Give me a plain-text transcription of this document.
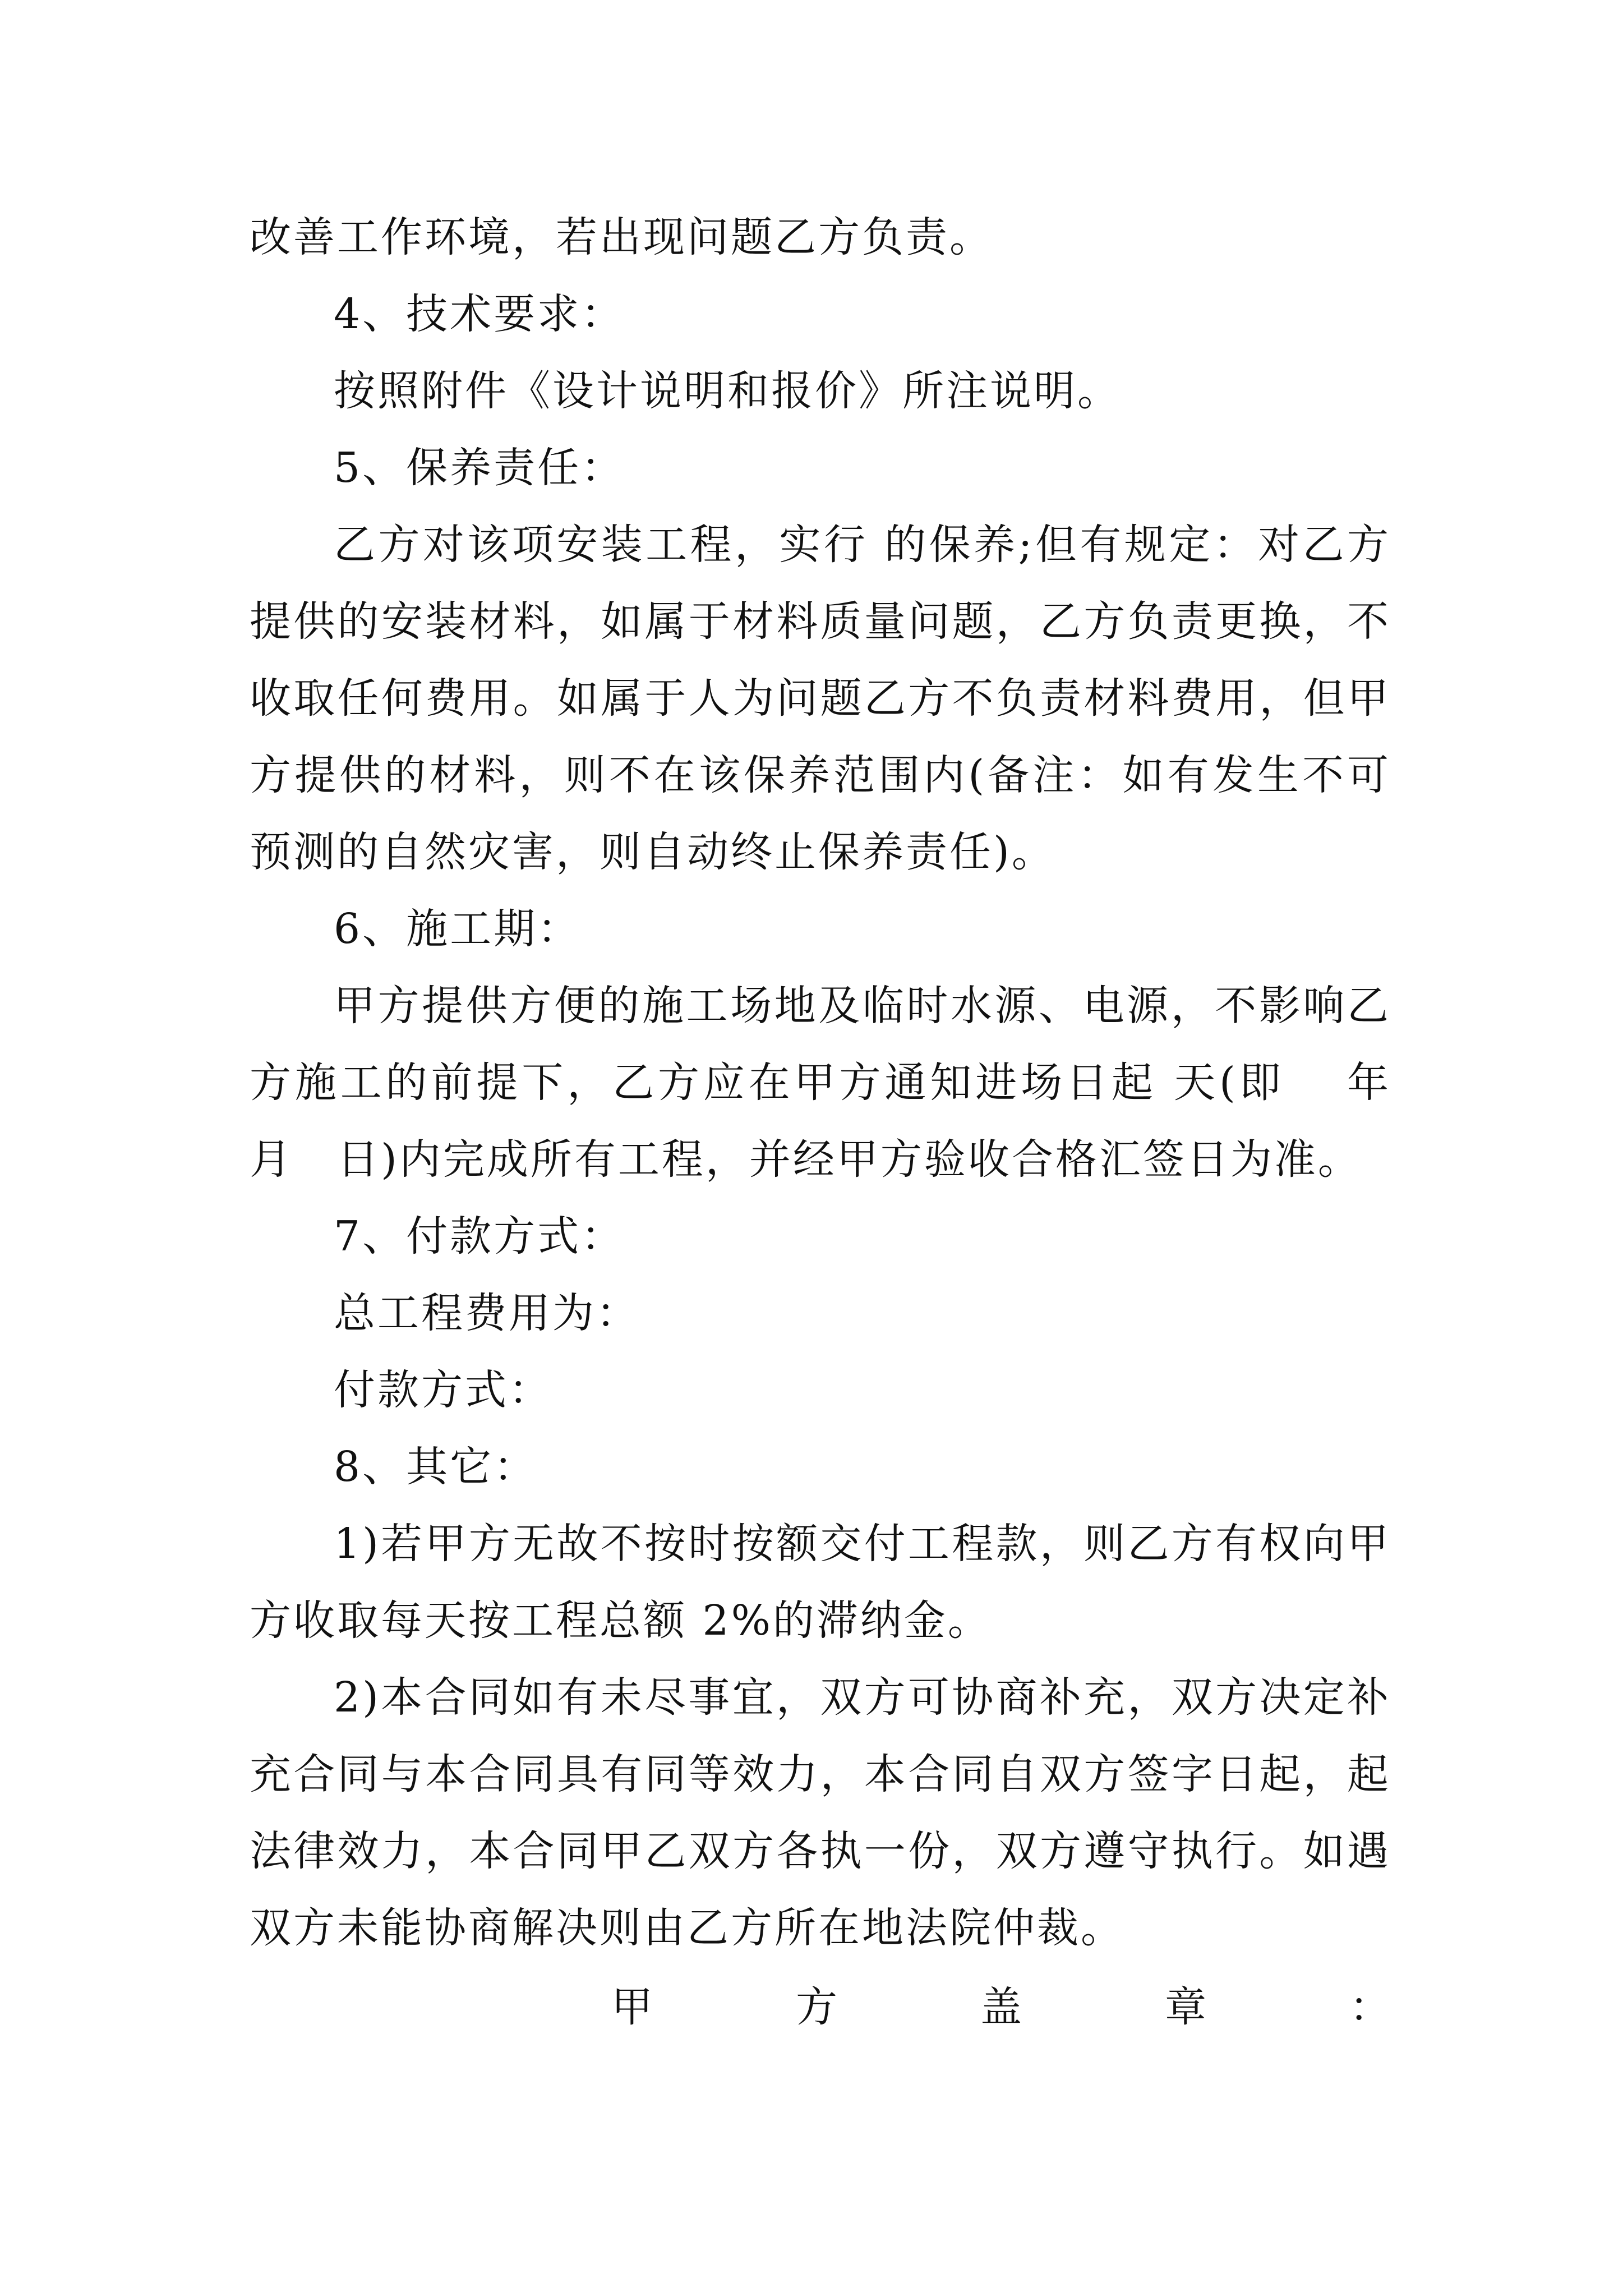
改善工作环境，若出现问题乙方负责。

4、技术要求：

按照附件《设计说明和报价》所注说明。

5、保养责任：

乙方对该项安装工程，实行 的保养;但有规定：对乙方提供的安装材料，如属于材料质量问题，乙方负责更换，不收取任何费用。如属于人为问题乙方不负责材料费用，但甲方提供的材料，则不在该保养范围内(备注：如有发生不可预测的自然灾害，则自动终止保养责任)。

6、施工期：

甲方提供方便的施工场地及临时水源、电源，不影响乙方施工的前提下，乙方应在甲方通知进场日起 天(即　 年　月　日)内完成所有工程，并经甲方验收合格汇签日为准。

7、付款方式：

总工程费用为：

付款方式：

8、其它：

1)若甲方无故不按时按额交付工程款，则乙方有权向甲方收取每天按工程总额 2%的滞纳金。

2)本合同如有未尽事宜，双方可协商补充，双方决定补充合同与本合同具有同等效力，本合同自双方签字日起，起法律效力，本合同甲乙双方各执一份，双方遵守执行。如遇双方未能协商解决则由乙方所在地法院仲裁。

甲	方	盖	章	：
